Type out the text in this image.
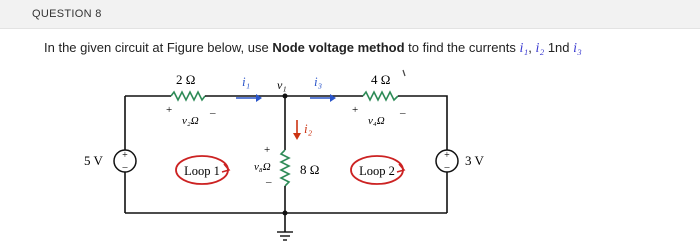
QUESTION 8
In the given circuit at Figure below, use Node voltage method to find the currents i₁, i₂ 1nd i₃
+
–
+
–
2 Ω	4 Ω
8 Ω
+
v₂Ω
–	+
v₄Ω
–
+
v₈Ω
–
v₁
i₁	i₃
i₂
5 V	3 V
Loop 1	Loop 2
